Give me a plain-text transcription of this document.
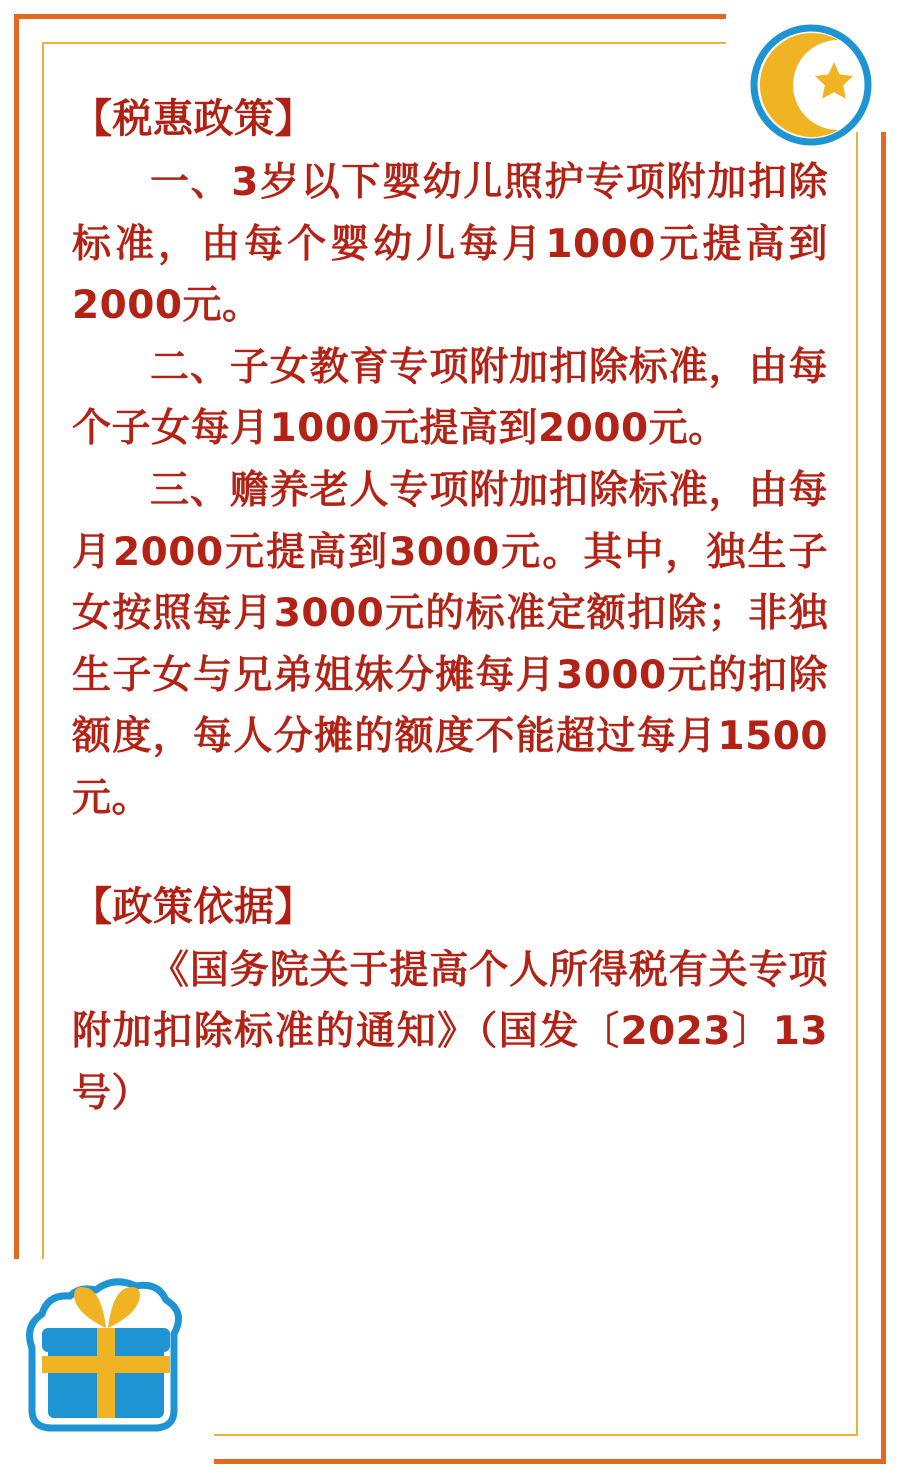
【税惠政策】

一、3岁以下婴幼儿照护专项附加扣除标准，由每个婴幼儿每月1000元提高到2000元。

二、子女教育专项附加扣除标准，由每个子女每月1000元提高到2000元。

三、赡养老人专项附加扣除标准，由每月2000元提高到3000元。其中，独生子女按照每月3000元的标准定额扣除；非独生子女与兄弟姐妹分摊每月3000元的扣除额度，每人分摊的额度不能超过每月1500元。

【政策依据】

《国务院关于提高个人所得税有关专项附加扣除标准的通知》（国发〔2023〕13号）
